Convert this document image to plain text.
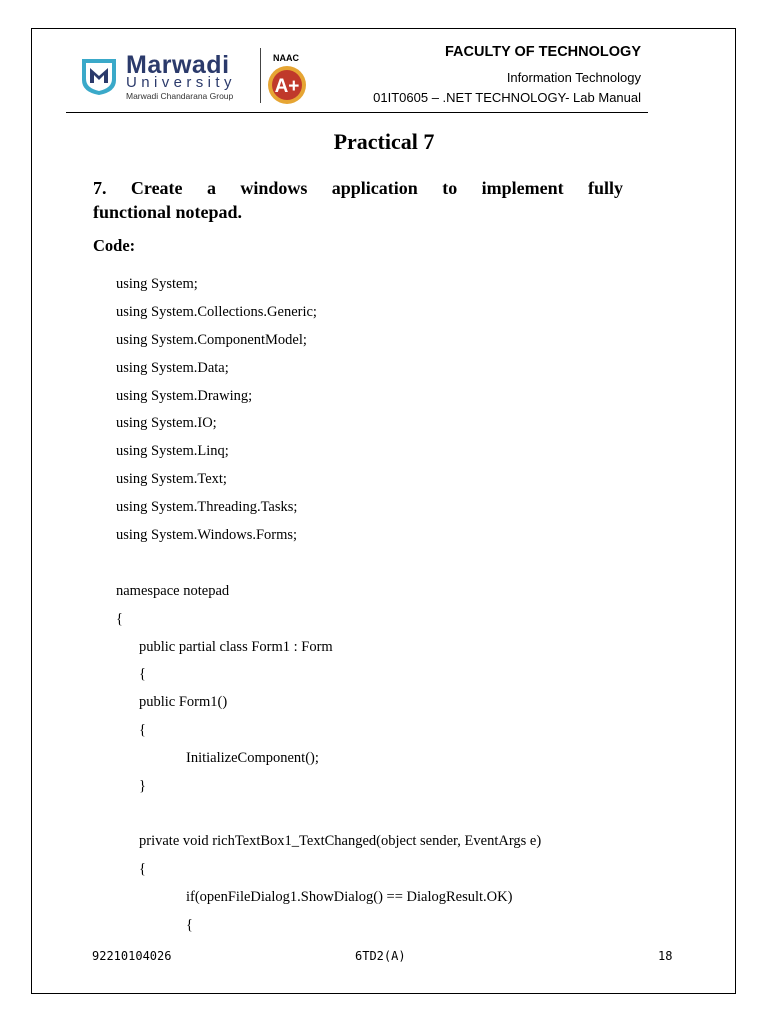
Marwadi
University
Marwadi Chandarana Group
NAAC
A+
FACULTY OF TECHNOLOGY
Information Technology
01IT0605 – .NET TECHNOLOGY- Lab Manual
Practical 7
7. Create a windows application to implement fully
functional notepad.
Code:
using System;
using System.Collections.Generic;
using System.ComponentModel;
using System.Data;
using System.Drawing;
using System.IO;
using System.Linq;
using System.Text;
using System.Threading.Tasks;
using System.Windows.Forms;
namespace notepad
{
public partial class Form1 : Form
{
public Form1()
{
InitializeComponent();
}
private void richTextBox1_TextChanged(object sender, EventArgs e)
{
if(openFileDialog1.ShowDialog() == DialogResult.OK)
{
92210104026	6TD2(A)	18
